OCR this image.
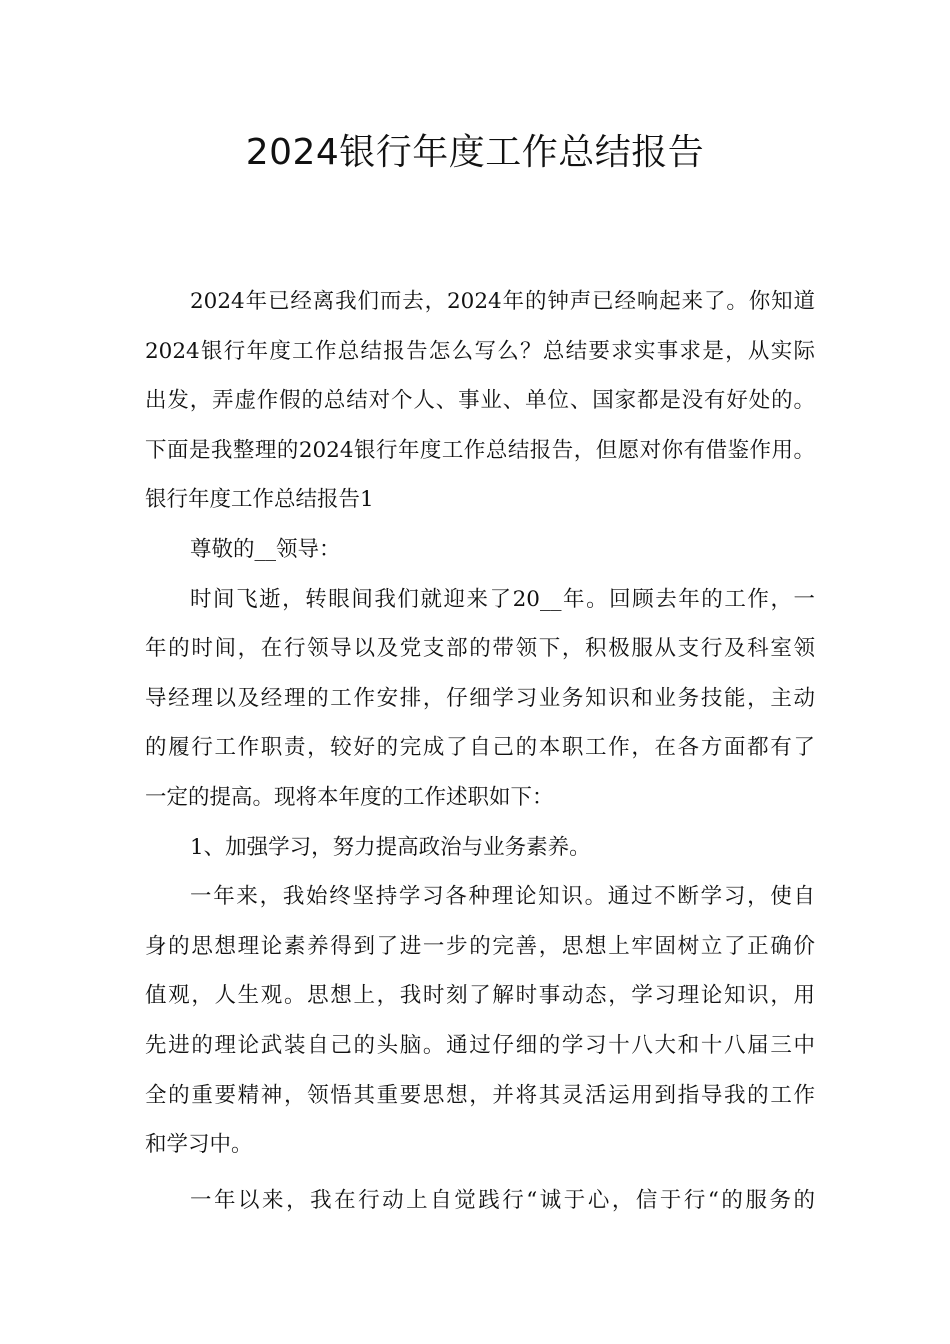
2024银行年度工作总结报告
2024年已经离我们而去，2024年的钟声已经响起来了。你知道
2024银行年度工作总结报告怎么写么？总结要求实事求是，从实际
出发，弄虚作假的总结对个人、事业、单位、国家都是没有好处的。
下面是我整理的2024银行年度工作总结报告，但愿对你有借鉴作用。
银行年度工作总结报告1
尊敬的__领导：
时间飞逝，转眼间我们就迎来了20__年。回顾去年的工作，一
年的时间，在行领导以及党支部的带领下，积极服从支行及科室领
导经理以及经理的工作安排，仔细学习业务知识和业务技能，主动
的履行工作职责，较好的完成了自己的本职工作，在各方面都有了
一定的提高。现将本年度的工作述职如下：
1、加强学习，努力提高政治与业务素养。
一年来，我始终坚持学习各种理论知识。通过不断学习，使自
身的思想理论素养得到了进一步的完善，思想上牢固树立了正确价
值观，人生观。思想上，我时刻了解时事动态，学习理论知识，用
先进的理论武装自己的头脑。通过仔细的学习十八大和十八届三中
全的重要精神，领悟其重要思想，并将其灵活运用到指导我的工作
和学习中。
一年以来，我在行动上自觉践行“诚于心，信于行“的服务的
